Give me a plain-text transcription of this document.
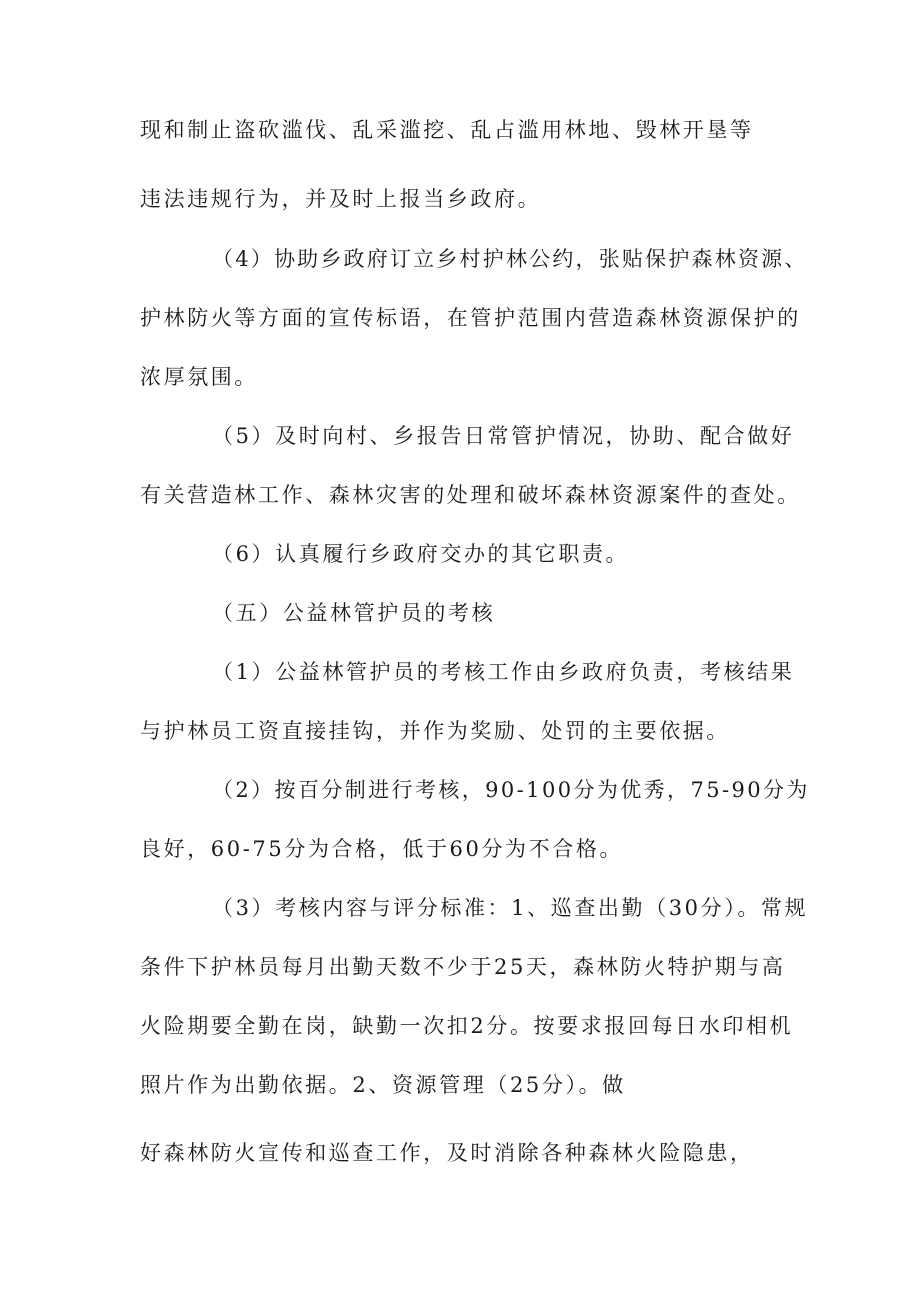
现和制止盗砍滥伐、乱采滥挖、乱占滥用林地、毁林开垦等

违法违规行为，并及时上报当乡政府。

（4）协助乡政府订立乡村护林公约，张贴保护森林资源、

护林防火等方面的宣传标语，在管护范围内营造森林资源保护的

浓厚氛围。

（5）及时向村、乡报告日常管护情况，协助、配合做好

有关营造林工作、森林灾害的处理和破坏森林资源案件的查处。

（6）认真履行乡政府交办的其它职责。

（五）公益林管护员的考核

（1）公益林管护员的考核工作由乡政府负责，考核结果

与护林员工资直接挂钩，并作为奖励、处罚的主要依据。

（2）按百分制进行考核，90-100分为优秀，75-90分为

良好，60-75分为合格，低于60分为不合格。

（3）考核内容与评分标准：1、巡查出勤（30分）。常规

条件下护林员每月出勤天数不少于25天，森林防火特护期与高

火险期要全勤在岗，缺勤一次扣2分。按要求报回每日水印相机

照片作为出勤依据。2、资源管理（25分）。做

好森林防火宣传和巡查工作，及时消除各种森林火险隐患，
